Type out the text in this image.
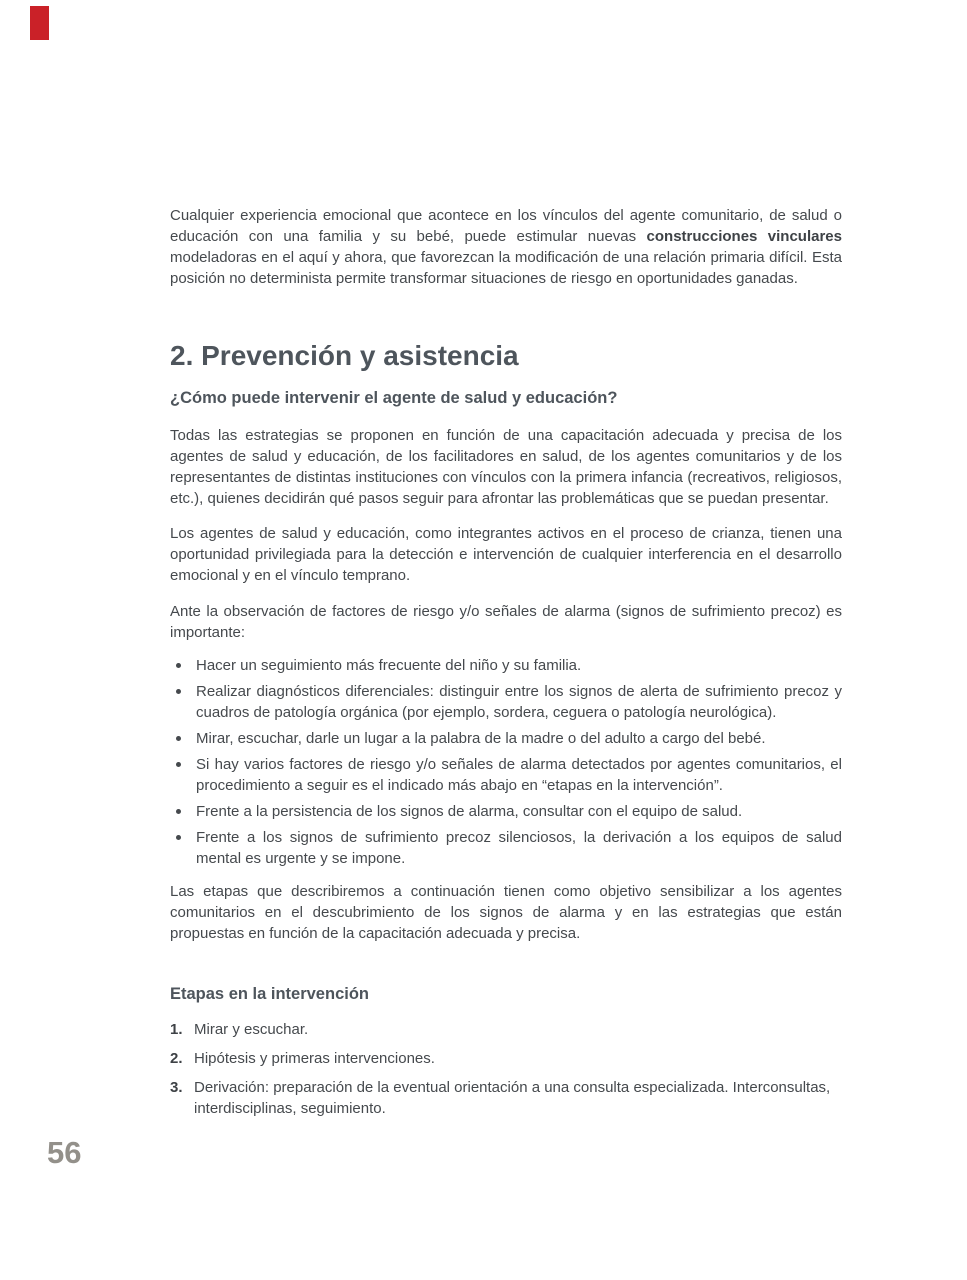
Cualquier experiencia emocional que acontece en los vínculos del agente comunitario, de salud o educación con una familia y su bebé, puede estimular nuevas construcciones vinculares modeladoras en el aquí y ahora, que favorezcan la modificación de una relación primaria difícil. Esta posición no determinista permite transformar situaciones de riesgo en oportunidades ganadas.

2. Prevención y asistencia
¿Cómo puede intervenir el agente de salud y educación?

Todas las estrategias se proponen en función de una capacitación adecuada y precisa de los agentes de salud y educación, de los facilitadores en salud, de los agentes comunitarios y de los representantes de distintas instituciones con vínculos con la primera infancia (recreativos, religiosos, etc.), quienes decidirán qué pasos seguir para afrontar las problemáticas que se puedan presentar.

Los agentes de salud y educación, como integrantes activos en el proceso de crianza, tienen una oportunidad privilegiada para la detección e intervención de cualquier interferencia en el desarrollo emocional y en el vínculo temprano.

Ante la observación de factores de riesgo y/o señales de alarma (signos de sufrimiento precoz) es importante:

Hacer un seguimiento más frecuente del niño y su familia.
Realizar diagnósticos diferenciales: distinguir entre los signos de alerta de sufrimiento precoz y cuadros de patología orgánica (por ejemplo, sordera, ceguera o patología neurológica).
Mirar, escuchar, darle un lugar a la palabra de la madre o del adulto a cargo del bebé.
Si hay varios factores de riesgo y/o señales de alarma detectados por agentes comunitarios, el procedimiento a seguir es el indicado más abajo en “etapas en la intervención”.
Frente a la persistencia de los signos de alarma, consultar con el equipo de salud.
Frente a los signos de sufrimiento precoz silenciosos, la derivación a los equipos de salud mental es urgente y se impone.

Las etapas que describiremos a continuación tienen como objetivo sensibilizar a los agentes comunitarios en el descubrimiento de los signos de alarma y en las estrategias que están propuestas en función de la capacitación adecuada y precisa.

Etapas en la intervención
1. Mirar y escuchar.
2. Hipótesis y primeras intervenciones.
3. Derivación: preparación de la eventual orientación a una consulta especializada. Interconsultas, interdisciplinas, seguimiento.
56
